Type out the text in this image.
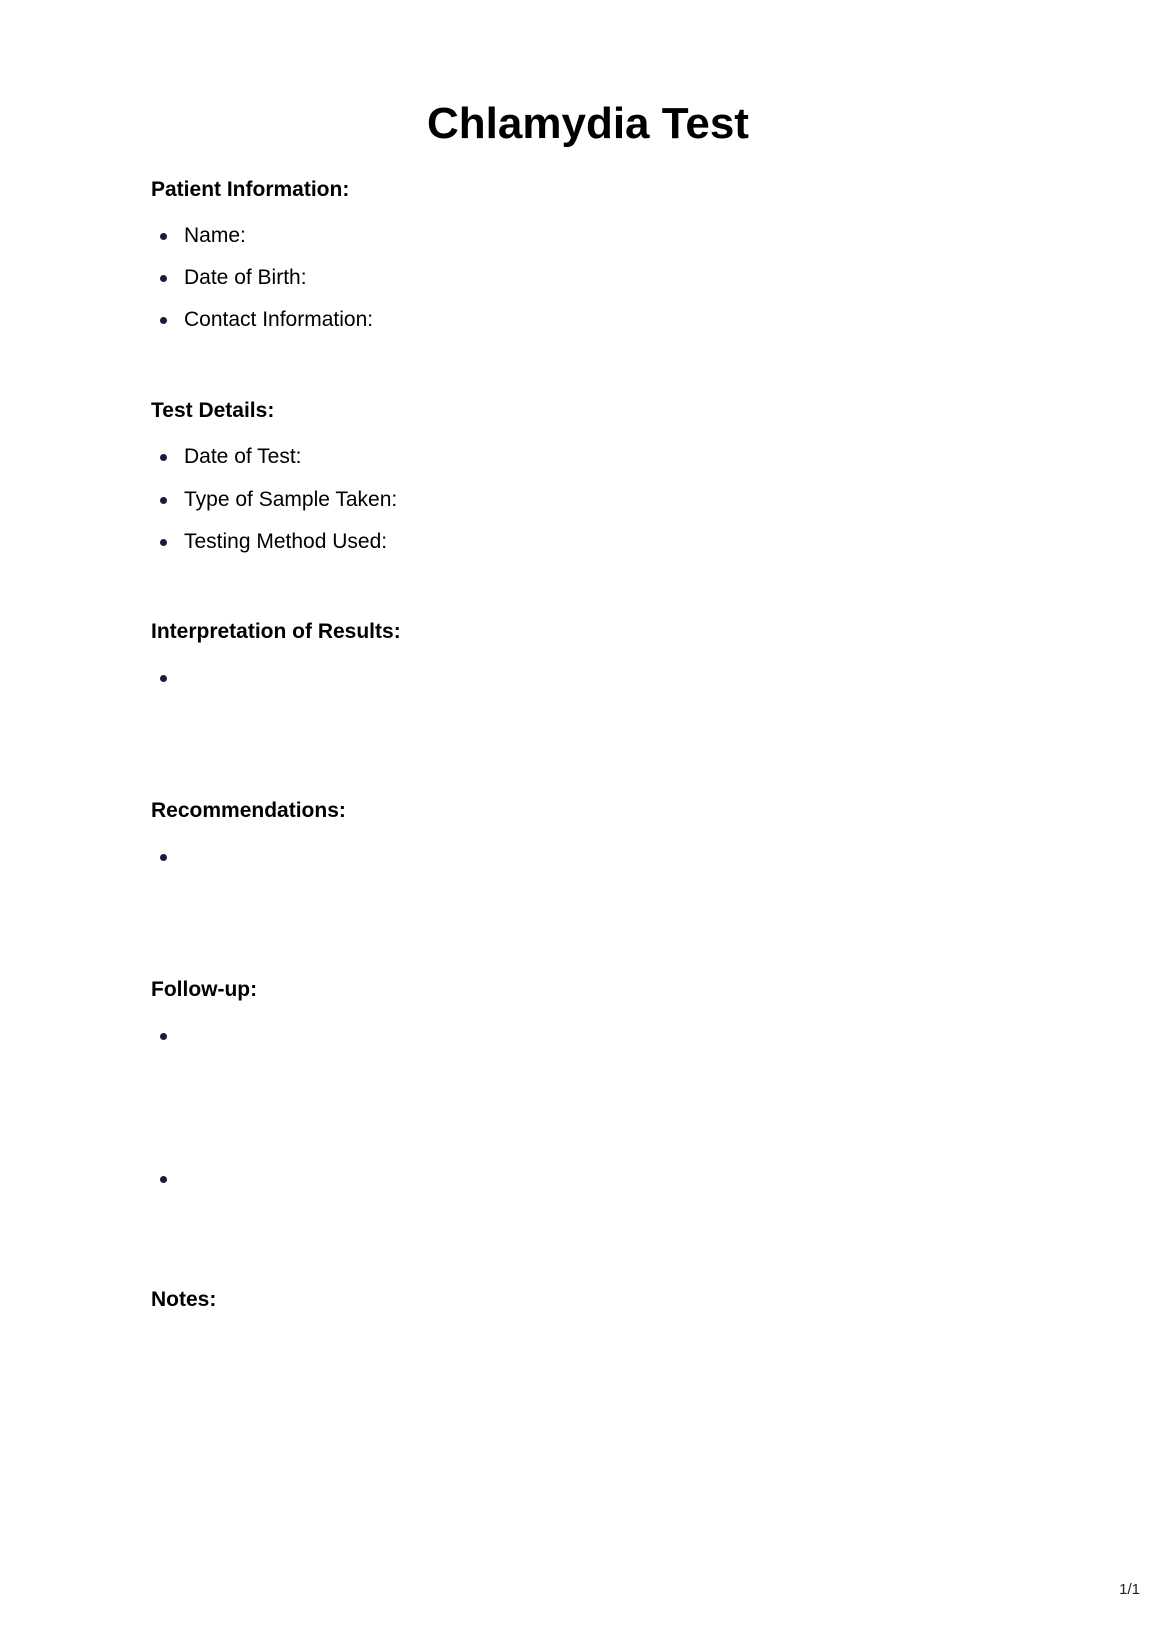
Chlamydia Test
Patient Information:
Name:
Date of Birth:
Contact Information:
Test Details:
Date of Test:
Type of Sample Taken:
Testing Method Used:
Interpretation of Results:
Recommendations:
Follow-up:
Notes:
1/1
